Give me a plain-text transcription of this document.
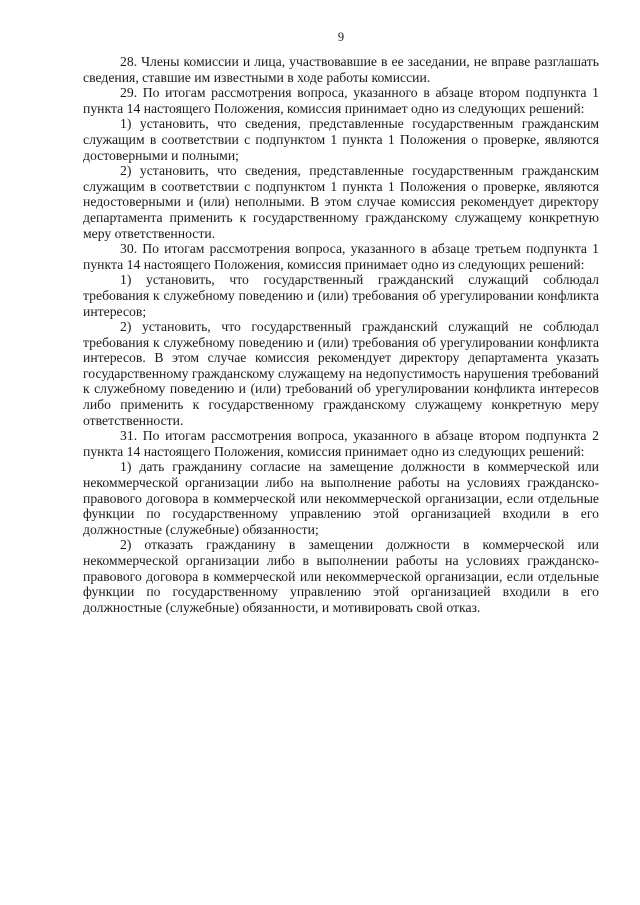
9

28. Члены комиссии и лица, участвовавшие в ее заседании, не вправе разглашать сведения, ставшие им известными в ходе работы комиссии.

29. По итогам рассмотрения вопроса, указанного в абзаце втором подпункта 1 пункта 14 настоящего Положения, комиссия принимает одно из следующих решений:

1) установить, что сведения, представленные государственным гражданским служащим в соответствии с подпунктом 1 пункта 1 Положения о проверке, являются достоверными и полными;

2) установить, что сведения, представленные государственным гражданским служащим в соответствии с подпунктом 1 пункта 1 Положения о проверке, являются недостоверными и (или) неполными. В этом случае комиссия рекомендует директору департамента применить к государственному гражданскому служащему конкретную меру ответственности.

30. По итогам рассмотрения вопроса, указанного в абзаце третьем подпункта 1 пункта 14 настоящего Положения, комиссия принимает одно из следующих решений:

1) установить, что государственный гражданский служащий соблюдал требования к служебному поведению и (или) требования об урегулировании конфликта интересов;

2) установить, что государственный гражданский служащий не соблюдал требования к служебному поведению и (или) требования об урегулировании конфликта интересов. В этом случае комиссия рекомендует директору департамента указать государственному гражданскому служащему на недопустимость нарушения требований к служебному поведению и (или) требований об урегулировании конфликта интересов либо применить к государственному гражданскому служащему конкретную меру ответственности.

31. По итогам рассмотрения вопроса, указанного в абзаце втором подпункта 2 пункта 14 настоящего Положения, комиссия принимает одно из следующих решений:

1) дать гражданину согласие на замещение должности в коммерческой или некоммерческой организации либо на выполнение работы на условиях гражданско-правового договора в коммерческой или некоммерческой организации, если отдельные функции по государственному управлению этой организацией входили в его должностные (служебные) обязанности;

2) отказать гражданину в замещении должности в коммерческой или некоммерческой организации либо в выполнении работы на условиях гражданско-правового договора в коммерческой или некоммерческой организации, если отдельные функции по государственному управлению этой организацией входили в его должностные (служебные) обязанности, и мотивировать свой отказ.
